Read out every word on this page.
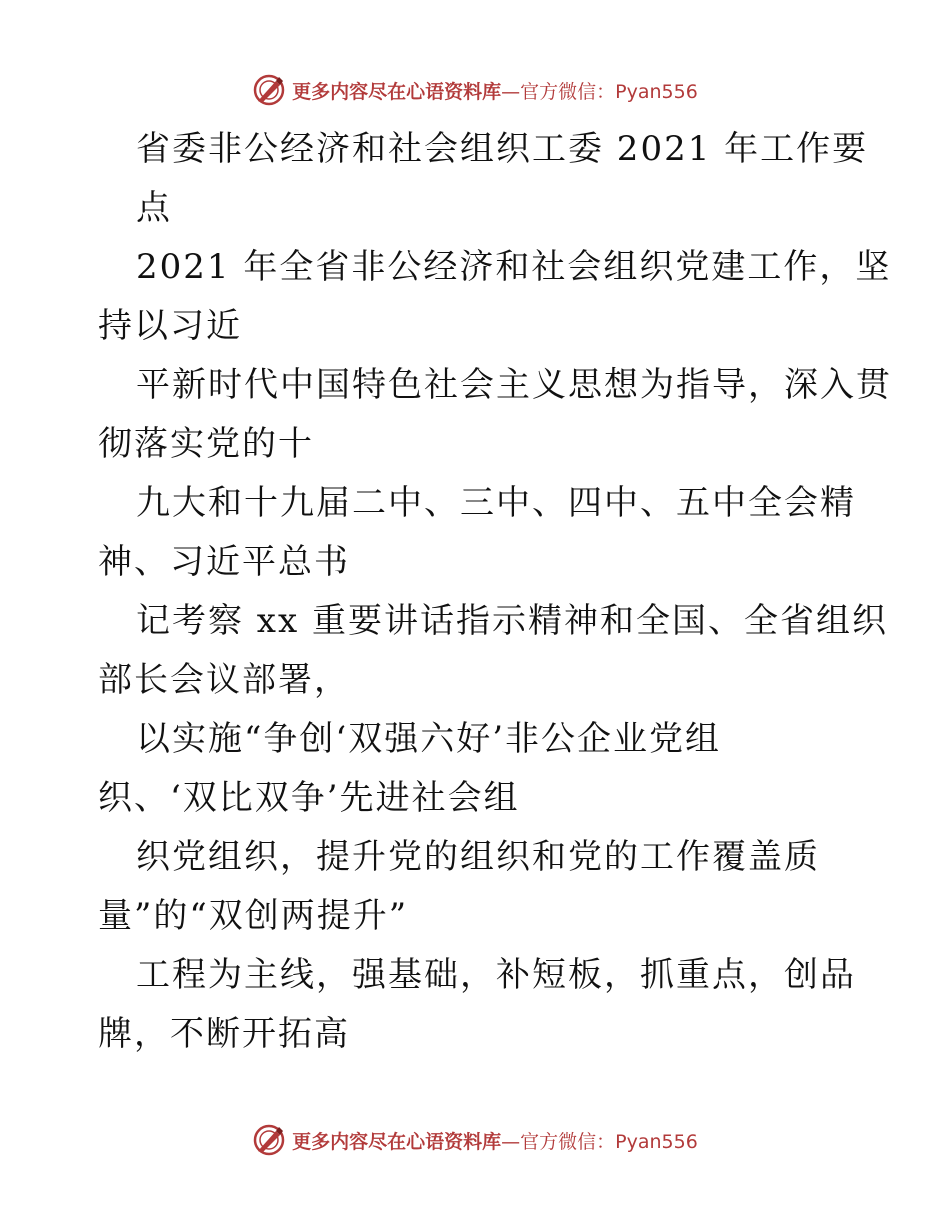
更多内容尽在心语资料库—官方微信：Pyan556
省委非公经济和社会组织工委 2021 年工作要
点
2021 年全省非公经济和社会组织党建工作，坚
持以习近
平新时代中国特色社会主义思想为指导，深入贯
彻落实党的十
九大和十九届二中、三中、四中、五中全会精
神、习近平总书
记考察 xx 重要讲话指示精神和全国、全省组织
部长会议部署，
以实施“争创‘双强六好’非公企业党组
织、‘双比双争’先进社会组
织党组织，提升党的组织和党的工作覆盖质
量”的“双创两提升”
工程为主线，强基础，补短板，抓重点，创品
牌，不断开拓高
更多内容尽在心语资料库—官方微信：Pyan556
